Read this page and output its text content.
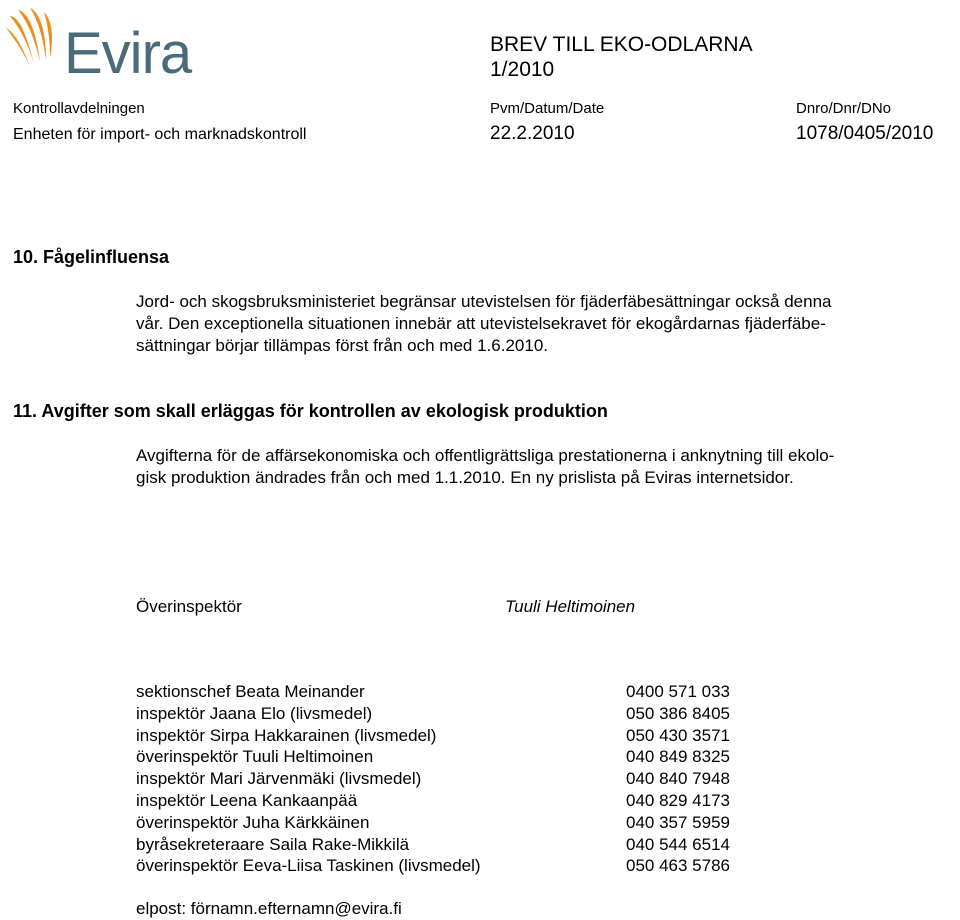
Evira	BREV TILL EKO-ODLARNA
1/2010
Kontrollavdelningen	Pvm/Datum/Date	Dnro/Dnr/DNo
Enheten för import- och marknadskontroll	22.2.2010	1078/0405/2010
10. Fågelinfluensa
Jord- och skogsbruksministeriet begränsar utevistelsen för fjäderfäbesättningar också denna
vår. Den exceptionella situationen innebär att utevistelsekravet för ekogårdarnas fjäderfäbe-
sättningar börjar tillämpas först från och med 1.6.2010.
11. Avgifter som skall erläggas för kontrollen av ekologisk produktion
Avgifterna för de affärsekonomiska och offentligrättsliga prestationerna i anknytning till ekolo-
gisk produktion ändrades från och med 1.1.2010. En ny prislista på Eviras internetsidor.
Överinspektör	Tuuli Heltimoinen
sektionschef Beata Meinander	0400 571 033
inspektör Jaana Elo (livsmedel)	050 386 8405
inspektör Sirpa Hakkarainen (livsmedel)	050 430 3571
överinspektör Tuuli Heltimoinen	040 849 8325
inspektör Mari Järvenmäki (livsmedel)	040 840 7948
inspektör Leena Kankaanpää	040 829 4173
överinspektör Juha Kärkkäinen	040 357 5959
byråsekreteraare Saila Rake-Mikkilä	040 544 6514
överinspektör Eeva-Liisa Taskinen (livsmedel)	050 463 5786
elpost: förnamn.efternamn@evira.fi
